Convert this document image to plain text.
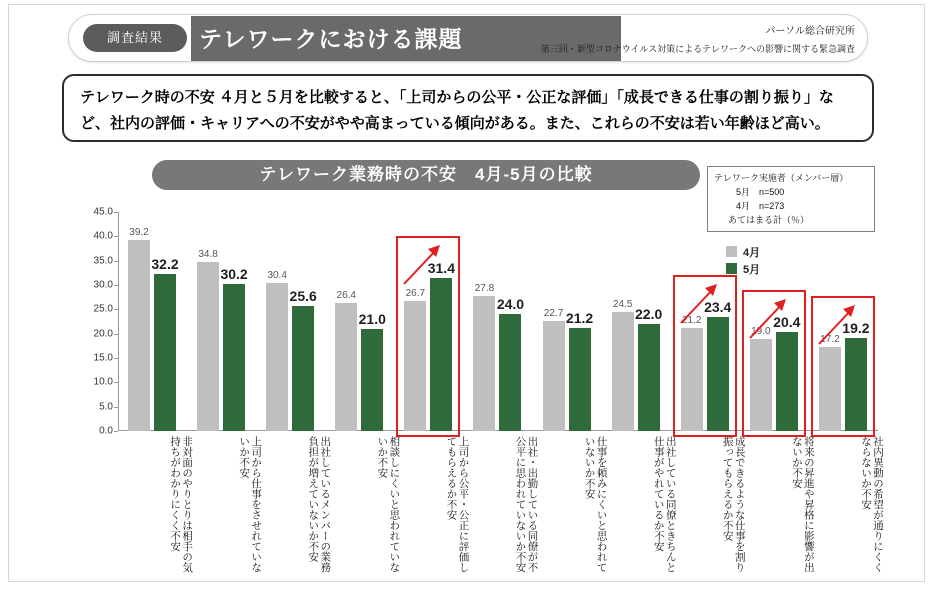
調査結果	テレワークにおける課題	パーソル総合研究所
第三回・新型コロナウイルス対策によるテレワークへの影響に関する緊急調査
テレワーク時の不安 ４月と５月を比較すると、「上司からの公平・公正な評価」「成長できる仕事の割り振り」など、社内の評価・キャリアへの不安がやや高まっている傾向がある。また、これらの不安は若い年齢ほど高い。
テレワーク業務時の不安　4月-5月の比較	テレワーク実施者（メンバー層）
5月　n=500
4月　n=273
あてはまる計（％）
4月
5月
0.0
5.0
10.0
15.0
20.0
25.0
30.0
35.0
40.0
45.0
39.2
32.2
34.8
30.2	30.4
25.6	26.4
21.0
26.7
31.4
27.8
24.0
22.7 21.2
24.5
22.0	21.2
23.4
19.0
20.4
17.2
19.2
非対面のやりとりは相手の気持ちがわかりにくく不安	上司から仕事をさせれていないか不安	出社しているメンバーの業務負担が増えていないか不安	相談しにくいと思われていないか不安	上司から公平・公正に評価してもらえるか不安	出社・出勤している同僚が不公平に思われていないか不安	仕事を頼みにくいと思われていないか不安	出社している同僚ときちんと仕事がやれているか不安	成長できるような仕事を割り振ってもらえるか不安	将来の昇進や昇格に影響が出ないか不安	社内異動の希望が通りにくくならないか不安
